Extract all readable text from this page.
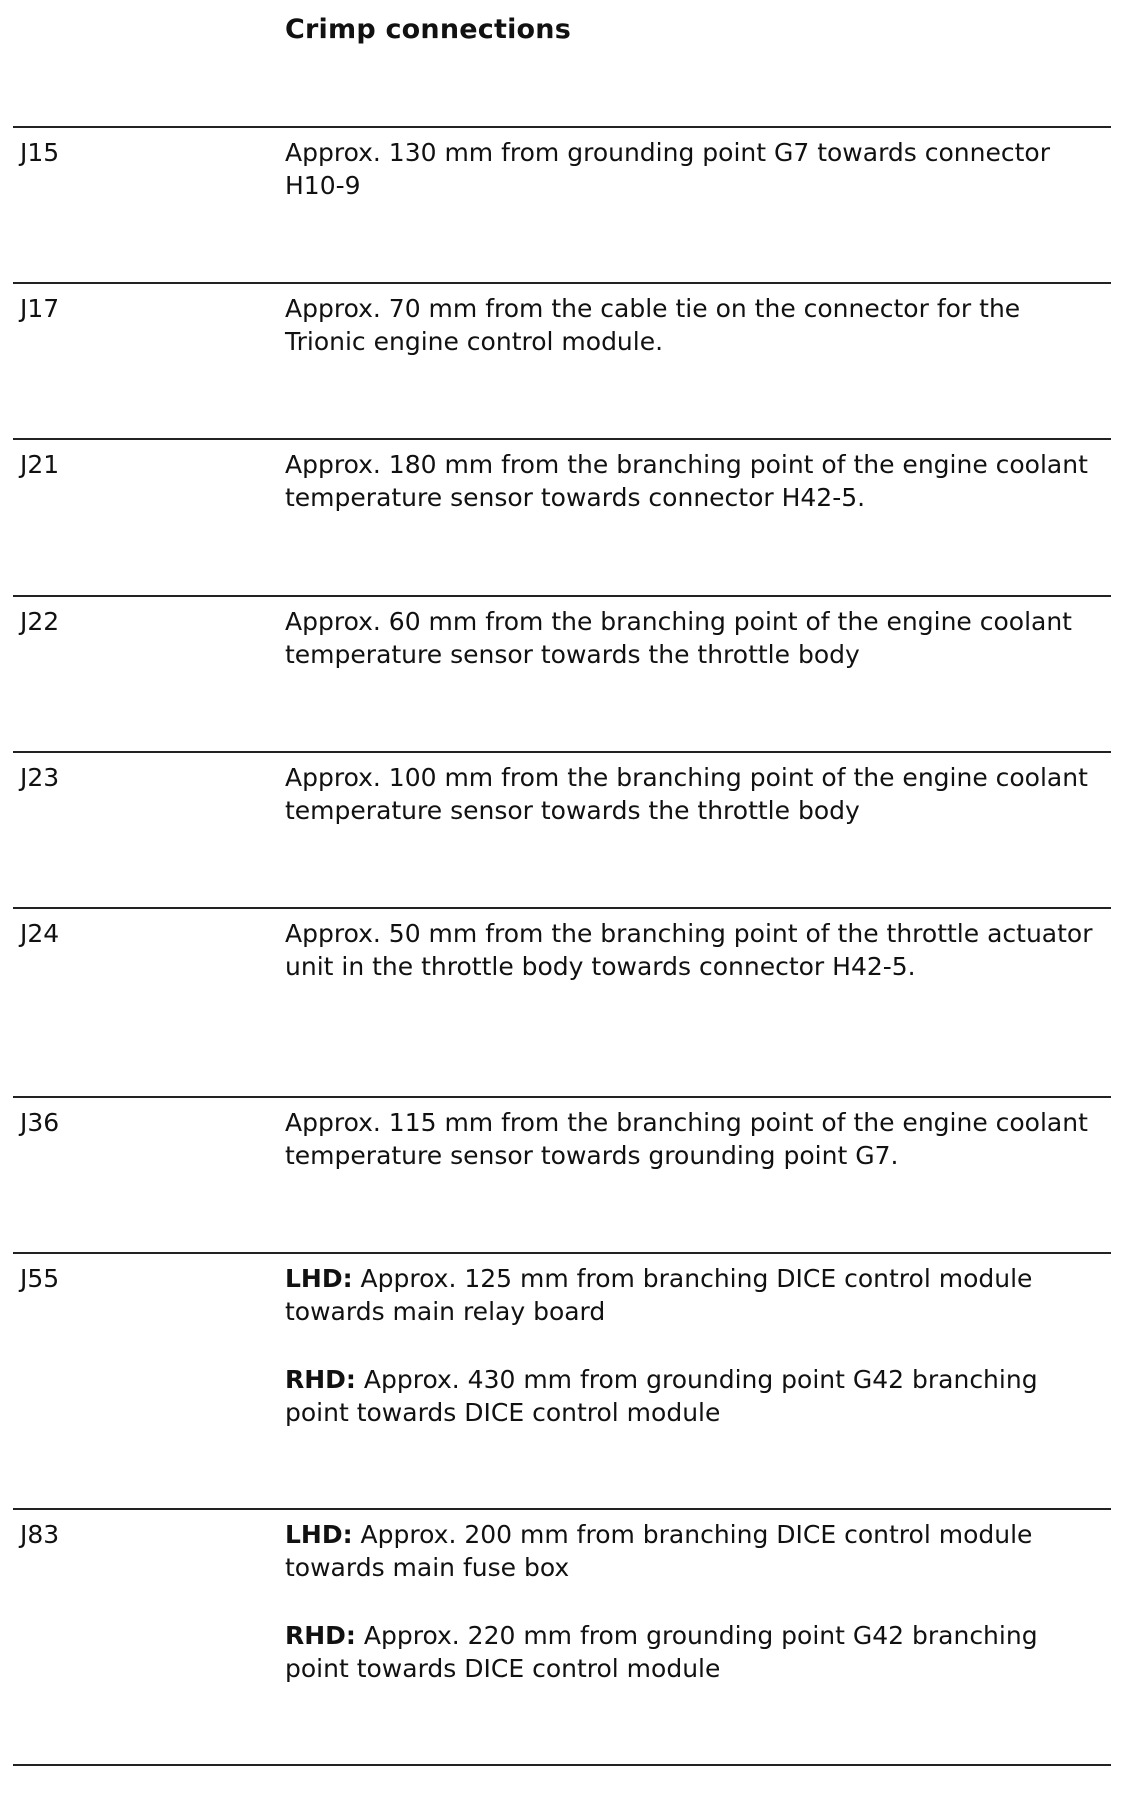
Crimp connections
J15	Approx. 130 mm from grounding point G7 towards connector H10-9

J17	Approx. 70 mm from the cable tie on the connector for the Trionic engine control module.

J21	Approx. 180 mm from the branching point of the engine coolant temperature sensor towards connector H42-5.

J22	Approx. 60 mm from the branching point of the engine coolant temperature sensor towards the throttle body

J23	Approx. 100 mm from the branching point of the engine coolant temperature sensor towards the throttle body

J24	Approx. 50 mm from the branching point of the throttle actuator unit in the throttle body towards connector H42-5.

J36	Approx. 115 mm from the branching point of the engine coolant temperature sensor towards grounding point G7.

J55	LHD: Approx. 125 mm from branching DICE control module towards main relay board

RHD: Approx. 430 mm from grounding point G42 branching point towards DICE control module

J83	LHD: Approx. 200 mm from branching DICE control module towards main fuse box

RHD: Approx. 220 mm from grounding point G42 branching point towards DICE control module
